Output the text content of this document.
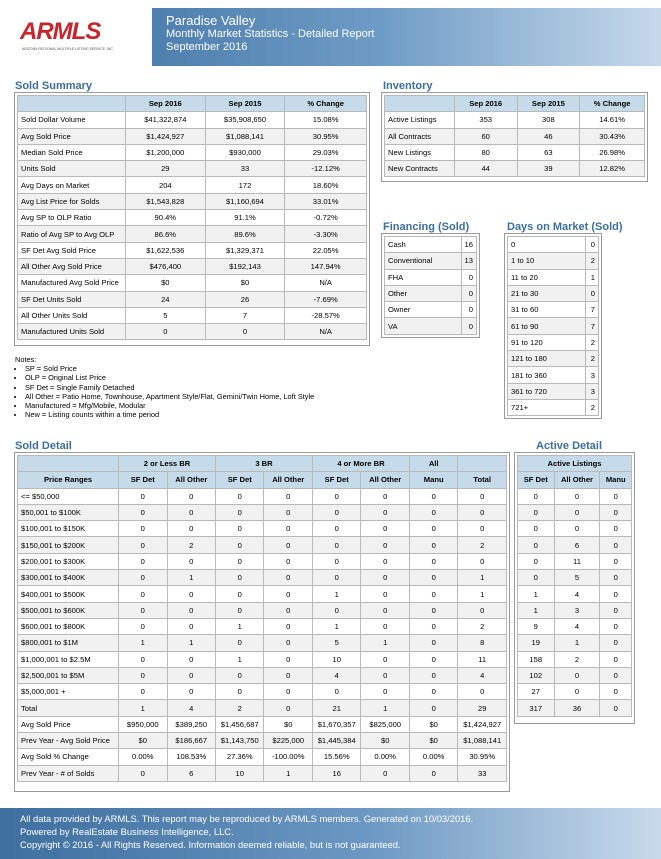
ARMLS
ARIZONA REGIONAL MULTIPLE LISTING SERVICE, INC.
Paradise Valley
Monthly Market Statistics - Detailed Report
September 2016
Sold Summary
	Sep 2016	Sep 2015	% Change
Sold Dollar Volume	$41,322,874	$35,908,650	15.08%
Avg Sold Price	$1,424,927	$1,088,141	30.95%
Median Sold Price	$1,200,000	$930,000	29.03%
Units Sold	29	33	-12.12%
Avg Days on Market	204	172	18.60%
Avg List Price for Solds	$1,543,828	$1,160,694	33.01%
Avg SP to OLP Ratio	90.4%	91.1%	-0.72%
Ratio of Avg SP to Avg OLP	86.6%	89.6%	-3.30%
SF Det Avg Sold Price	$1,622,536	$1,329,371	22.05%
All Other Avg Sold Price	$476,400	$192,143	147.94%
Manufactured Avg Sold Price	$0	$0	N/A
SF Det Units Sold	24	26	-7.69%
All Other Units Sold	5	7	-28.57%
Manufactured Units Sold	0	0	N/A
Inventory
	Sep 2016	Sep 2015	% Change
Active Listings	353	308	14.61%
All Contracts	60	46	30.43%
New Listings	80	63	26.98%
New Contracts	44	39	12.82%
Financing (Sold)
Cash	16
Conventional	13
FHA	0
Other	0
Owner	0
VA	0
Days on Market (Sold)
0	0
1 to 10	2
11 to 20	1
21 to 30	0
31 to 60	7
61 to 90	7
91 to 120	2
121 to 180	2
181 to 360	3
361 to 720	3
721+	2
Notes:
• SP = Sold Price
• OLP = Original List Price
• SF Det = Single Family Detached
• All Other = Patio Home, Townhouse, Apartment Style/Flat, Gemini/Twin Home, Loft Style
• Manufactured = Mfg/Mobile, Modular
• New = Listing counts within a time period
Sold Detail
	2 or Less BR		3 BR		4 or More BR		All	
Price Ranges	SF Det	All Other	SF Det	All Other	SF Det	All Other	Manu	Total
<= $50,000	0	0	0	0	0	0	0	0
$50,001 to $100K	0	0	0	0	0	0	0	0
$100,001 to $150K	0	0	0	0	0	0	0	0
$150,001 to $200K	0	2	0	0	0	0	0	2
$200,001 to $300K	0	0	0	0	0	0	0	0
$300,001 to $400K	0	1	0	0	0	0	0	1
$400,001 to $500K	0	0	0	0	1	0	0	1
$500,001 to $600K	0	0	0	0	0	0	0	0
$600,001 to $800K	0	0	1	0	1	0	0	2
$800,001 to $1M	1	1	0	0	5	1	0	8
$1,000,001 to $2.5M	0	0	1	0	10	0	0	11
$2,500,001 to $5M	0	0	0	0	4	0	0	4
$5,000,001 +	0	0	0	0	0	0	0	0
Total	1	4	2	0	21	1	0	29
Avg Sold Price	$950,000	$389,250	$1,456,687	$0	$1,670,357	$825,000	$0	$1,424,927
Prev Year - Avg Sold Price	$0	$186,667	$1,143,750	$225,000	$1,445,384	$0	$0	$1,088,141
Avg Sold % Change	0.00%	108.53%	27.36%	-100.00%	15.56%	0.00%	0.00%	30.95%
Prev Year - # of Solds	0	6	10	1	16	0	0	33
Active Detail
Active Listings		
SF Det	All Other	Manu
0	0	0
0	0	0
0	0	0
0	6	0
0	11	0
0	5	0
1	4	0
1	3	0
9	4	0
19	1	0
158	2	0
102	0	0
27	0	0
317	36	0
All data provided by ARMLS. This report may be reproduced by ARMLS members. Generated on 10/03/2016.
Powered by RealEstate Business Intelligence, LLC.
Copyright © 2016 - All Rights Reserved. Information deemed reliable, but is not guaranteed.
